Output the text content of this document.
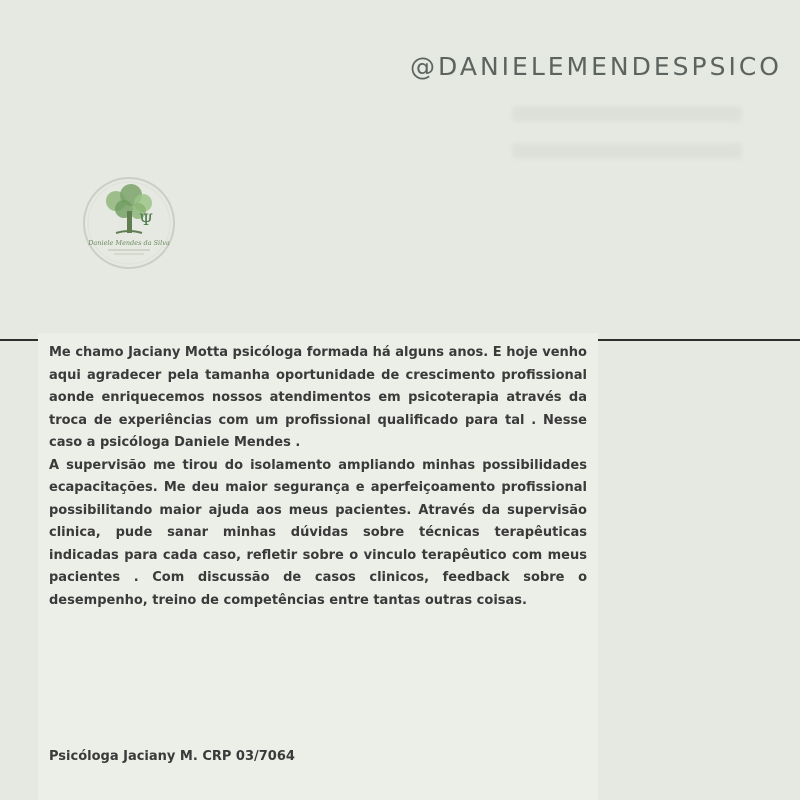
@DANIELEMENDESPSICO
Ψ
Daniele Mendes da Silva

Me chamo Jaciany Motta psicóloga formada há alguns anos. E hoje venho aqui agradecer pela tamanha oportunidade de crescimento profissional aonde enriquecemos nossos atendimentos em psicoterapia através da troca de experiências com um profissional qualificado para tal . Nesse caso a psicóloga Daniele Mendes .

A supervisão me tirou do isolamento ampliando minhas possibilidades ecapacitações. Me deu maior segurança e aperfeiçoamento profissional possibilitando maior ajuda aos meus pacientes. Através da supervisão clinica, pude sanar minhas dúvidas sobre técnicas terapêuticas indicadas para cada caso, refletir sobre o vinculo terapêutico com meus pacientes . Com discussão de casos clinicos, feedback sobre o desempenho, treino de competências entre tantas outras coisas.

Psicóloga Jaciany M. CRP 03/7064
